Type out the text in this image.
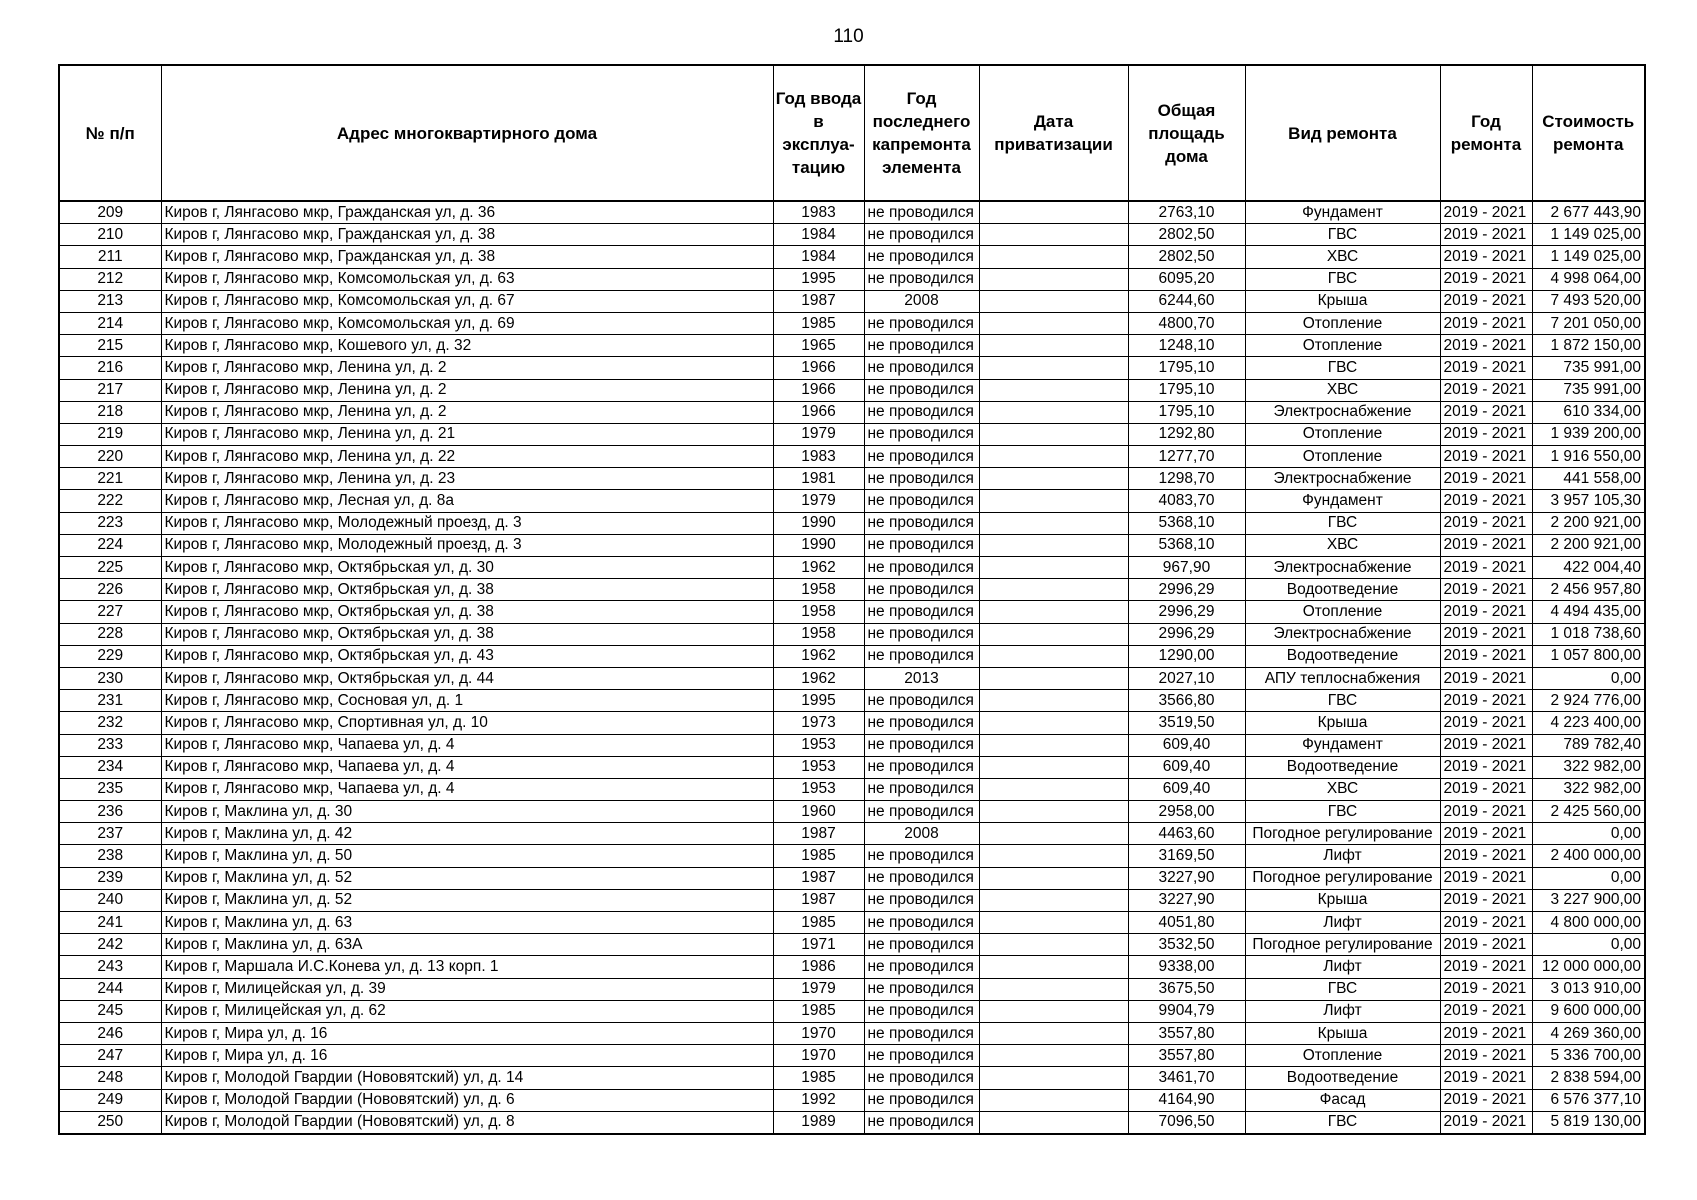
110
№ п/п	Адрес многоквартирного дома	Год ввода в эксплуа-тацию	Год последнего капремонта элемента	Дата приватизации	Общая площадь дома	Вид ремонта	Год ремонта	Стоимость ремонта
209	Киров г, Лянгасово мкр, Гражданская ул, д. 36	1983	не проводился		2763,10	Фундамент	2019 - 2021	2 677 443,90
210	Киров г, Лянгасово мкр, Гражданская ул, д. 38	1984	не проводился		2802,50	ГВС	2019 - 2021	1 149 025,00
211	Киров г, Лянгасово мкр, Гражданская ул, д. 38	1984	не проводился		2802,50	ХВС	2019 - 2021	1 149 025,00
212	Киров г, Лянгасово мкр, Комсомольская ул, д. 63	1995	не проводился		6095,20	ГВС	2019 - 2021	4 998 064,00
213	Киров г, Лянгасово мкр, Комсомольская ул, д. 67	1987	2008		6244,60	Крыша	2019 - 2021	7 493 520,00
214	Киров г, Лянгасово мкр, Комсомольская ул, д. 69	1985	не проводился		4800,70	Отопление	2019 - 2021	7 201 050,00
215	Киров г, Лянгасово мкр, Кошевого ул, д. 32	1965	не проводился		1248,10	Отопление	2019 - 2021	1 872 150,00
216	Киров г, Лянгасово мкр, Ленина ул, д. 2	1966	не проводился		1795,10	ГВС	2019 - 2021	735 991,00
217	Киров г, Лянгасово мкр, Ленина ул, д. 2	1966	не проводился		1795,10	ХВС	2019 - 2021	735 991,00
218	Киров г, Лянгасово мкр, Ленина ул, д. 2	1966	не проводился		1795,10	Электроснабжение	2019 - 2021	610 334,00
219	Киров г, Лянгасово мкр, Ленина ул, д. 21	1979	не проводился		1292,80	Отопление	2019 - 2021	1 939 200,00
220	Киров г, Лянгасово мкр, Ленина ул, д. 22	1983	не проводился		1277,70	Отопление	2019 - 2021	1 916 550,00
221	Киров г, Лянгасово мкр, Ленина ул, д. 23	1981	не проводился		1298,70	Электроснабжение	2019 - 2021	441 558,00
222	Киров г, Лянгасово мкр, Лесная ул, д. 8а	1979	не проводился		4083,70	Фундамент	2019 - 2021	3 957 105,30
223	Киров г, Лянгасово мкр, Молодежный проезд, д. 3	1990	не проводился		5368,10	ГВС	2019 - 2021	2 200 921,00
224	Киров г, Лянгасово мкр, Молодежный проезд, д. 3	1990	не проводился		5368,10	ХВС	2019 - 2021	2 200 921,00
225	Киров г, Лянгасово мкр, Октябрьская ул, д. 30	1962	не проводился		967,90	Электроснабжение	2019 - 2021	422 004,40
226	Киров г, Лянгасово мкр, Октябрьская ул, д. 38	1958	не проводился		2996,29	Водоотведение	2019 - 2021	2 456 957,80
227	Киров г, Лянгасово мкр, Октябрьская ул, д. 38	1958	не проводился		2996,29	Отопление	2019 - 2021	4 494 435,00
228	Киров г, Лянгасово мкр, Октябрьская ул, д. 38	1958	не проводился		2996,29	Электроснабжение	2019 - 2021	1 018 738,60
229	Киров г, Лянгасово мкр, Октябрьская ул, д. 43	1962	не проводился		1290,00	Водоотведение	2019 - 2021	1 057 800,00
230	Киров г, Лянгасово мкр, Октябрьская ул, д. 44	1962	2013		2027,10	АПУ теплоснабжения	2019 - 2021	0,00
231	Киров г, Лянгасово мкр, Сосновая ул, д. 1	1995	не проводился		3566,80	ГВС	2019 - 2021	2 924 776,00
232	Киров г, Лянгасово мкр, Спортивная ул, д. 10	1973	не проводился		3519,50	Крыша	2019 - 2021	4 223 400,00
233	Киров г, Лянгасово мкр, Чапаева ул, д. 4	1953	не проводился		609,40	Фундамент	2019 - 2021	789 782,40
234	Киров г, Лянгасово мкр, Чапаева ул, д. 4	1953	не проводился		609,40	Водоотведение	2019 - 2021	322 982,00
235	Киров г, Лянгасово мкр, Чапаева ул, д. 4	1953	не проводился		609,40	ХВС	2019 - 2021	322 982,00
236	Киров г, Маклина ул, д. 30	1960	не проводился		2958,00	ГВС	2019 - 2021	2 425 560,00
237	Киров г, Маклина ул, д. 42	1987	2008		4463,60	Погодное регулирование	2019 - 2021	0,00
238	Киров г, Маклина ул, д. 50	1985	не проводился		3169,50	Лифт	2019 - 2021	2 400 000,00
239	Киров г, Маклина ул, д. 52	1987	не проводился		3227,90	Погодное регулирование	2019 - 2021	0,00
240	Киров г, Маклина ул, д. 52	1987	не проводился		3227,90	Крыша	2019 - 2021	3 227 900,00
241	Киров г, Маклина ул, д. 63	1985	не проводился		4051,80	Лифт	2019 - 2021	4 800 000,00
242	Киров г, Маклина ул, д. 63А	1971	не проводился		3532,50	Погодное регулирование	2019 - 2021	0,00
243	Киров г, Маршала И.С.Конева ул, д. 13 корп. 1	1986	не проводился		9338,00	Лифт	2019 - 2021	12 000 000,00
244	Киров г, Милицейская ул, д. 39	1979	не проводился		3675,50	ГВС	2019 - 2021	3 013 910,00
245	Киров г, Милицейская ул, д. 62	1985	не проводился		9904,79	Лифт	2019 - 2021	9 600 000,00
246	Киров г, Мира ул, д. 16	1970	не проводился		3557,80	Крыша	2019 - 2021	4 269 360,00
247	Киров г, Мира ул, д. 16	1970	не проводился		3557,80	Отопление	2019 - 2021	5 336 700,00
248	Киров г, Молодой Гвардии (Нововятский) ул, д. 14	1985	не проводился		3461,70	Водоотведение	2019 - 2021	2 838 594,00
249	Киров г, Молодой Гвардии (Нововятский) ул, д. 6	1992	не проводился		4164,90	Фасад	2019 - 2021	6 576 377,10
250	Киров г, Молодой Гвардии (Нововятский) ул, д. 8	1989	не проводился		7096,50	ГВС	2019 - 2021	5 819 130,00
